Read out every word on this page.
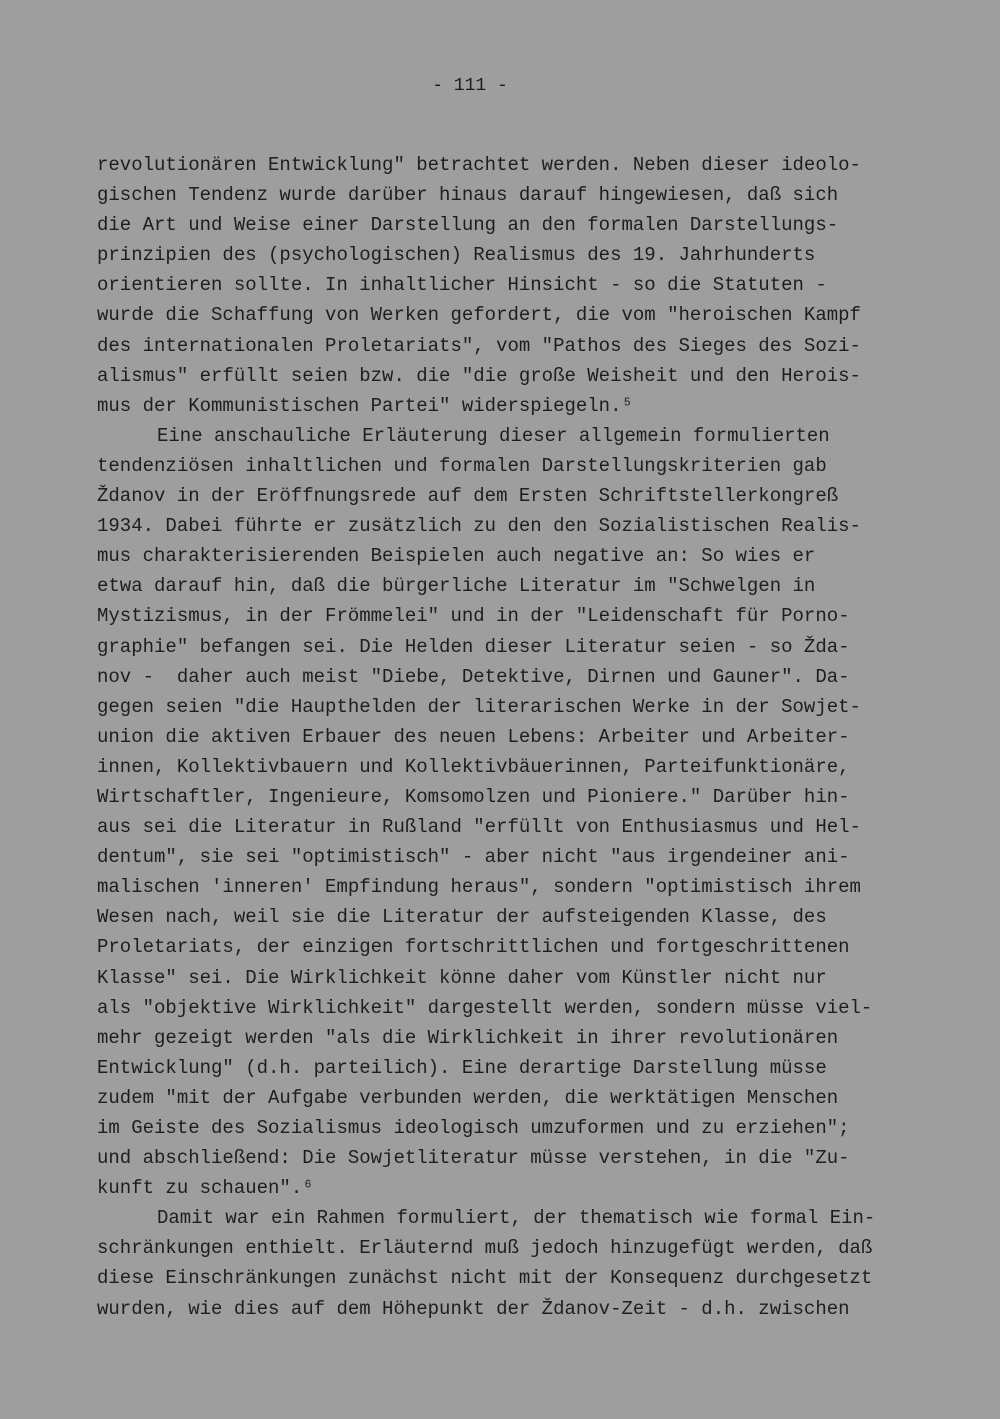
- 111 -
revolutionären Entwicklung" betrachtet werden. Neben dieser ideolo-
gischen Tendenz wurde darüber hinaus darauf hingewiesen, daß sich
die Art und Weise einer Darstellung an den formalen Darstellungs-
prinzipien des (psychologischen) Realismus des 19. Jahrhunderts
orientieren sollte. In inhaltlicher Hinsicht - so die Statuten -
wurde die Schaffung von Werken gefordert, die vom "heroischen Kampf
des internationalen Proletariats", vom "Pathos des Sieges des Sozi-
alismus" erfüllt seien bzw. die "die große Weisheit und den Herois-
mus der Kommunistischen Partei" widerspiegeln.⁵
Eine anschauliche Erläuterung dieser allgemein formulierten
tendenziösen inhaltlichen und formalen Darstellungskriterien gab
Ždanov in der Eröffnungsrede auf dem Ersten Schriftstellerkongreß
1934. Dabei führte er zusätzlich zu den den Sozialistischen Realis-
mus charakterisierenden Beispielen auch negative an: So wies er
etwa darauf hin, daß die bürgerliche Literatur im "Schwelgen in
Mystizismus, in der Frömmelei" und in der "Leidenschaft für Porno-
graphie" befangen sei. Die Helden dieser Literatur seien - so Žda-
nov -  daher auch meist "Diebe, Detektive, Dirnen und Gauner". Da-
gegen seien "die Haupthelden der literarischen Werke in der Sowjet-
union die aktiven Erbauer des neuen Lebens: Arbeiter und Arbeiter-
innen, Kollektivbauern und Kollektivbäuerinnen, Parteifunktionäre,
Wirtschaftler, Ingenieure, Komsomolzen und Pioniere." Darüber hin-
aus sei die Literatur in Rußland "erfüllt von Enthusiasmus und Hel-
dentum", sie sei "optimistisch" - aber nicht "aus irgendeiner ani-
malischen 'inneren' Empfindung heraus", sondern "optimistisch ihrem
Wesen nach, weil sie die Literatur der aufsteigenden Klasse, des
Proletariats, der einzigen fortschrittlichen und fortgeschrittenen
Klasse" sei. Die Wirklichkeit könne daher vom Künstler nicht nur
als "objektive Wirklichkeit" dargestellt werden, sondern müsse viel-
mehr gezeigt werden "als die Wirklichkeit in ihrer revolutionären
Entwicklung" (d.h. parteilich). Eine derartige Darstellung müsse
zudem "mit der Aufgabe verbunden werden, die werktätigen Menschen
im Geiste des Sozialismus ideologisch umzuformen und zu erziehen";
und abschließend: Die Sowjetliteratur müsse verstehen, in die "Zu-
kunft zu schauen".⁶
Damit war ein Rahmen formuliert, der thematisch wie formal Ein-
schränkungen enthielt. Erläuternd muß jedoch hinzugefügt werden, daß
diese Einschränkungen zunächst nicht mit der Konsequenz durchgesetzt
wurden, wie dies auf dem Höhepunkt der Ždanov-Zeit - d.h. zwischen
